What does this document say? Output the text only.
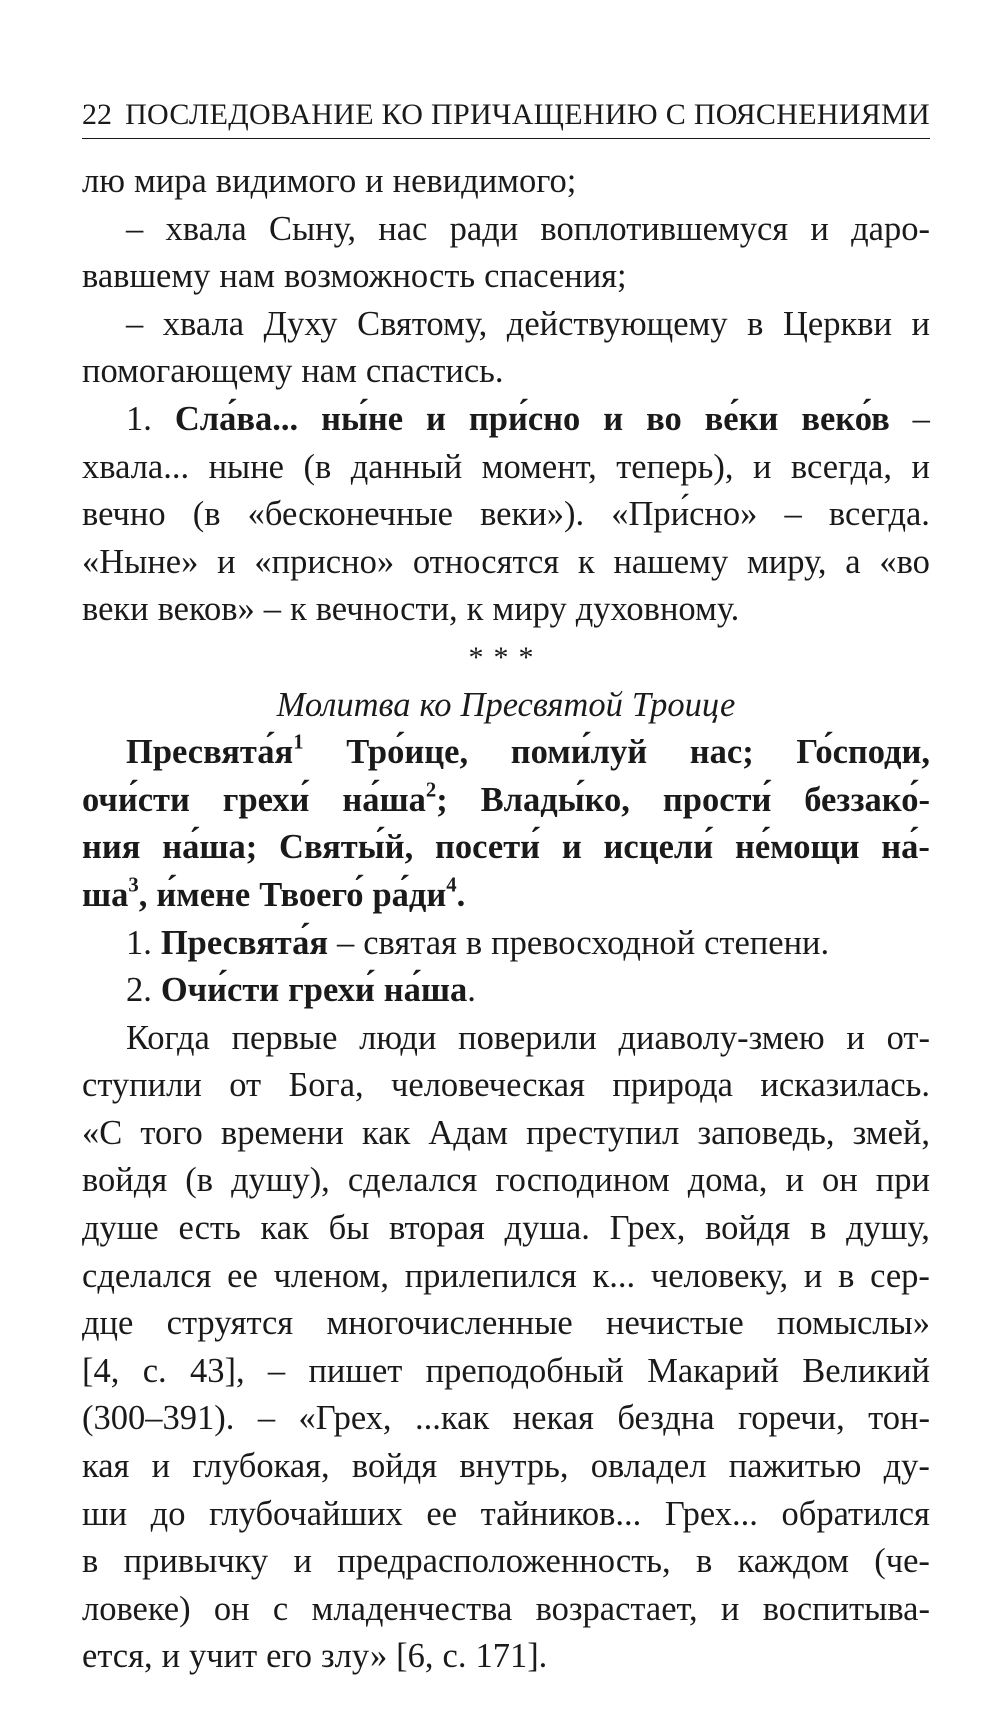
22 ПОСЛЕДОВАНИЕ КО ПРИЧАЩЕНИЮ С ПОЯСНЕНИЯМИ
лю мира видимого и невидимого;
– хвала Сыну, нас ради воплотившемуся и даро-
вавшему нам возможность спасения;
– хвала Духу Святому, действующему в Церкви и
помогающему нам спастись.
1. Сла́ва... ны́не и при́сно и во ве́ки веко́в –
хвала... ныне (в данный момент, теперь), и всегда, и
вечно (в «бесконечные веки»). «При́сно» – всегда.
«Ныне» и «присно» относятся к нашему миру, а «во
веки веков» – к вечности, к миру духовному.
***
Молитва ко Пресвятой Троице
$Пресвята́я^1$ Тро́ице, поми́луй нас; Го́споди,
очи́сти грехи́ $на́ша^2$; Влады́ко, прости́ беззако́-
ния на́ша; Святы́й, посети́ и исцели́ не́мощи на́-
$ша^3$, и́мене Твоего́ $ра́ди^4$.
1. Пресвята́я – святая в превосходной степени.
2. Очи́сти грехи́ на́ша.
Когда первые люди поверили диаволу-змею и от-
ступили от Бога, человеческая природа исказилась.
«С того времени как Адам преступил заповедь, змей,
войдя (в душу), сделался господином дома, и он при
душе есть как бы вторая душа. Грех, войдя в душу,
сделался ее членом, прилепился к... человеку, и в сер-
дце струятся многочисленные нечистые помыслы»
[4, с. 43], – пишет преподобный Макарий Великий
(300–391). – «Грех, ...как некая бездна горечи, тон-
кая и глубокая, войдя внутрь, овладел пажитью ду-
ши до глубочайших ее тайников... Грех... обратился
в привычку и предрасположенность, в каждом (че-
ловеке) он с младенчества возрастает, и воспитыва-
ется, и учит его злу» [6, с. 171].
